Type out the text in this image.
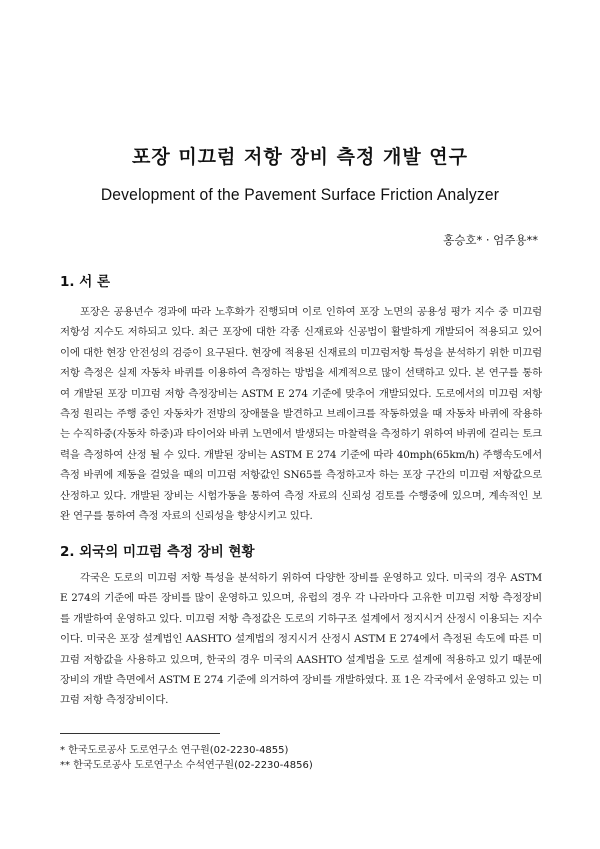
포장 미끄럼 저항 장비 측정 개발 연구
Development of the Pavement Surface Friction Analyzer
홍승호* · 엄주용**
1. 서 론
포장은 공용년수 경과에 따라 노후화가 진행되며 이로 인하여 포장 노면의 공용성 평가 지수 중 미끄럼 저항성 지수도 저하되고 있다. 최근 포장에 대한 각종 신재료와 신공법이 활발하게 개발되어 적용되고 있어 이에 대한 현장 안전성의 검증이 요구된다. 현장에 적용된 신재료의 미끄럼저항 특성을 분석하기 위한 미끄럼 저항 측정은 실제 자동차 바퀴를 이용하여 측정하는 방법을 세계적으로 많이 선택하고 있다. 본 연구를 통하여 개발된 포장 미끄럼 저항 측정장비는 ASTM E 274 기준에 맞추어 개발되었다. 도로에서의 미끄럼 저항 측정 원리는 주행 중인 자동차가 전방의 장애물을 발견하고 브레이크를 작동하였을 때 자동차 바퀴에 작용하는 수직하중(자동차 하중)과 타이어와 바퀴 노면에서 발생되는 마찰력을 측정하기 위하여 바퀴에 걸리는 토크력을 측정하여 산정 될 수 있다. 개발된 장비는 ASTM E 274 기준에 따라 40mph(65km/h) 주행속도에서 측정 바퀴에 제동을 걸었을 때의 미끄럼 저항값인 SN65를 측정하고자 하는 포장 구간의 미끄럼 저항값으로 산정하고 있다. 개발된 장비는 시험가동을 통하여 측정 자료의 신뢰성 검토를 수행중에 있으며, 계속적인 보완 연구를 통하여 측정 자료의 신뢰성을 향상시키고 있다.
2. 외국의 미끄럼 측정 장비 현황
각국은 도로의 미끄럼 저항 특성을 분석하기 위하여 다양한 장비를 운영하고 있다. 미국의 경우 ASTM E 274의 기준에 따른 장비를 많이 운영하고 있으며, 유럽의 경우 각 나라마다 고유한 미끄럼 저항 측정장비를 개발하여 운영하고 있다. 미끄럼 저항 측정값은 도로의 기하구조 설계에서 정지시거 산정시 이용되는 지수이다. 미국은 포장 설계법인 AASHTO 설계법의 정지시거 산정시 ASTM E 274에서 측정된 속도에 따른 미끄럼 저항값을 사용하고 있으며, 한국의 경우 미국의 AASHTO 설계법을 도로 설계에 적용하고 있기 때문에 장비의 개발 측면에서 ASTM E 274 기준에 의거하여 장비를 개발하였다. 표 1은 각국에서 운영하고 있는 미끄럼 저항 측정장비이다.
* 한국도로공사 도로연구소 연구원(02-2230-4855)
** 한국도로공사 도로연구소 수석연구원(02-2230-4856)
